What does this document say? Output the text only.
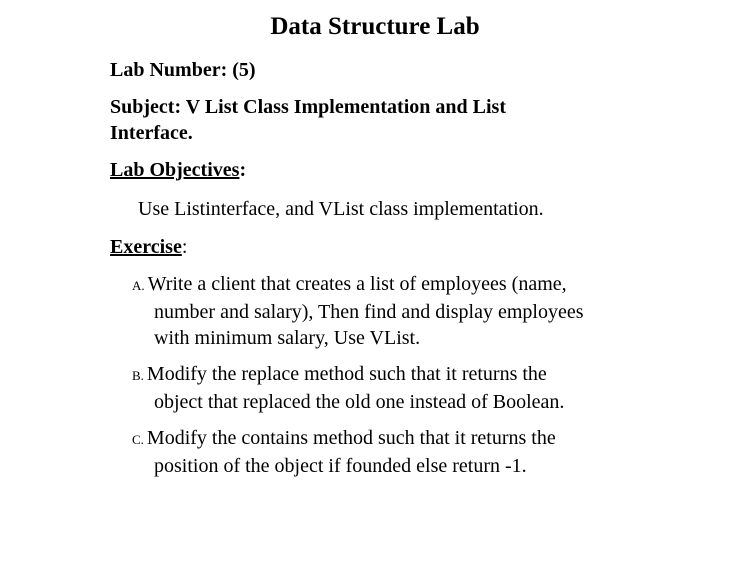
Data Structure Lab
Lab Number: (5)
Subject: V List Class Implementation and List Interface.
Lab Objectives:
Use Listinterface, and VList class implementation.
Exercise:
A. Write a client that creates a list of employees (name,
number and salary), Then find and display employees
with minimum salary, Use VList.
B. Modify the replace method such that it returns the
object that replaced the old one instead of Boolean.
C. Modify the contains method such that it returns the
position of the object if founded else return -1.
